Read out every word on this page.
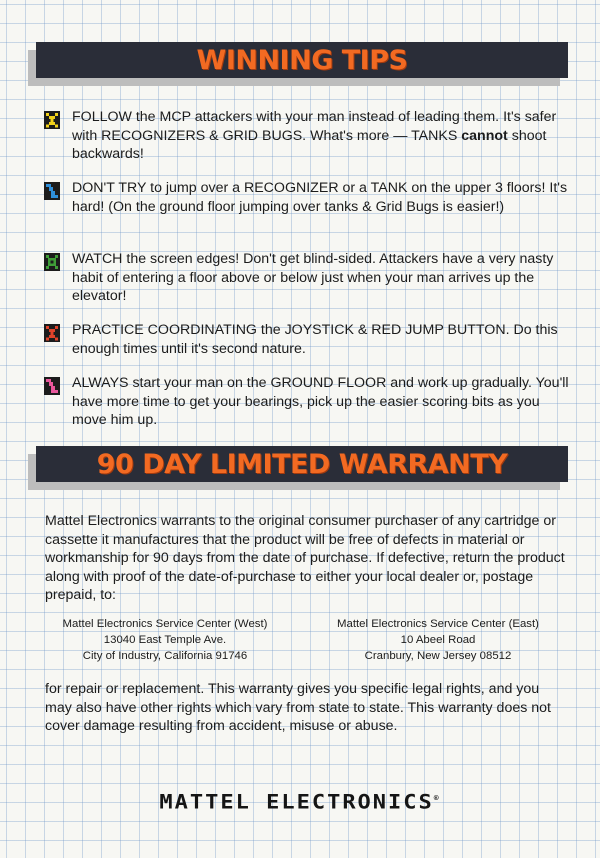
WINNING TIPS
FOLLOW the MCP attackers with your man instead of leading them. It's safer with RECOGNIZERS & GRID BUGS. What's more — TANKS cannot shoot backwards!
DON'T TRY to jump over a RECOGNIZER or a TANK on the upper 3 floors! It's hard! (On the ground floor jumping over tanks & Grid Bugs is easier!)
WATCH the screen edges! Don't get blind-sided. Attackers have a very nasty habit of entering a floor above or below just when your man arrives up the elevator!
PRACTICE COORDINATING the JOYSTICK & RED JUMP BUTTON. Do this enough times until it's second nature.
ALWAYS start your man on the GROUND FLOOR and work up gradually. You'll have more time to get your bearings, pick up the easier scoring bits as you move him up.
90 DAY LIMITED WARRANTY
Mattel Electronics warrants to the original consumer purchaser of any cartridge or cassette it manufactures that the product will be free of defects in material or workmanship for 90 days from the date of purchase. If defective, return the product along with proof of the date-of-purchase to either your local dealer or, postage prepaid, to:
Mattel Electronics Service Center (West)
13040 East Temple Ave.
City of Industry, California 91746
Mattel Electronics Service Center (East)
10 Abeel Road
Cranbury, New Jersey 08512
for repair or replacement. This warranty gives you specific legal rights, and you may also have other rights which vary from state to state. This warranty does not cover damage resulting from accident, misuse or abuse.
MATTEL ELECTRONICS®
